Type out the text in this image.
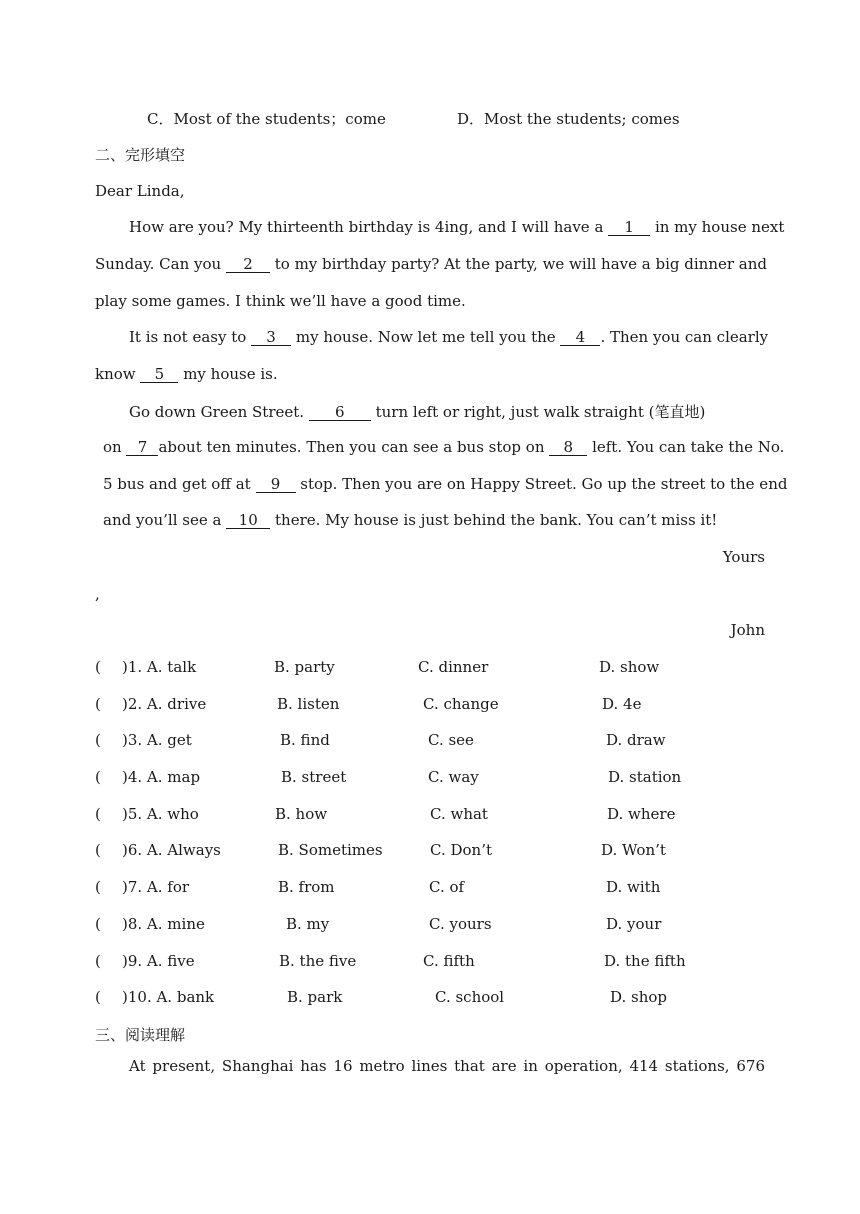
C．Most of the students；come	D．Most the students; comes
二、完形填空
Dear Linda,
How are you? My thirteenth birthday is 4ing, and I will have a 1 in my house next
Sunday. Can you 2 to my birthday party? At the party, we will have a big dinner and
play some games. I think we’ll have a good time.
It is not easy to 3 my house. Now let me tell you the 4 . Then you can clearly
know 5 my house is.
Go down Green Street. 6 turn left or right, just walk straight (笔直地)
on 7 about ten minutes. Then you can see a bus stop on 8 left. You can take the No.
5 bus and get off at 9 stop. Then you are on Happy Street. Go up the street to the end
and you’ll see a 10 there. My house is just behind the bank. You can’t miss it!
Yours
,
John
( )1. A. talk	B. party	C. dinner	D. show
( )2. A. drive	B. listen	C. change	D. 4e
( )3. A. get	B. find	C. see	D. draw
( )4. A. map	B. street	C. way	D. station
( )5. A. who	B. how	C. what	D. where
( )6. A. Always	B. Sometimes	C. Don’t	D. Won’t
( )7. A. for	B. from	C. of	D. with
( )8. A. mine	B. my	C. yours	D. your
( )9. A. five	B. the five	C. fifth	D. the fifth
( )10. A. bank	B. park	C. school	D. shop
三、阅读理解
At present, Shanghai has 16 metro lines that are in operation, 414 stations, 676
